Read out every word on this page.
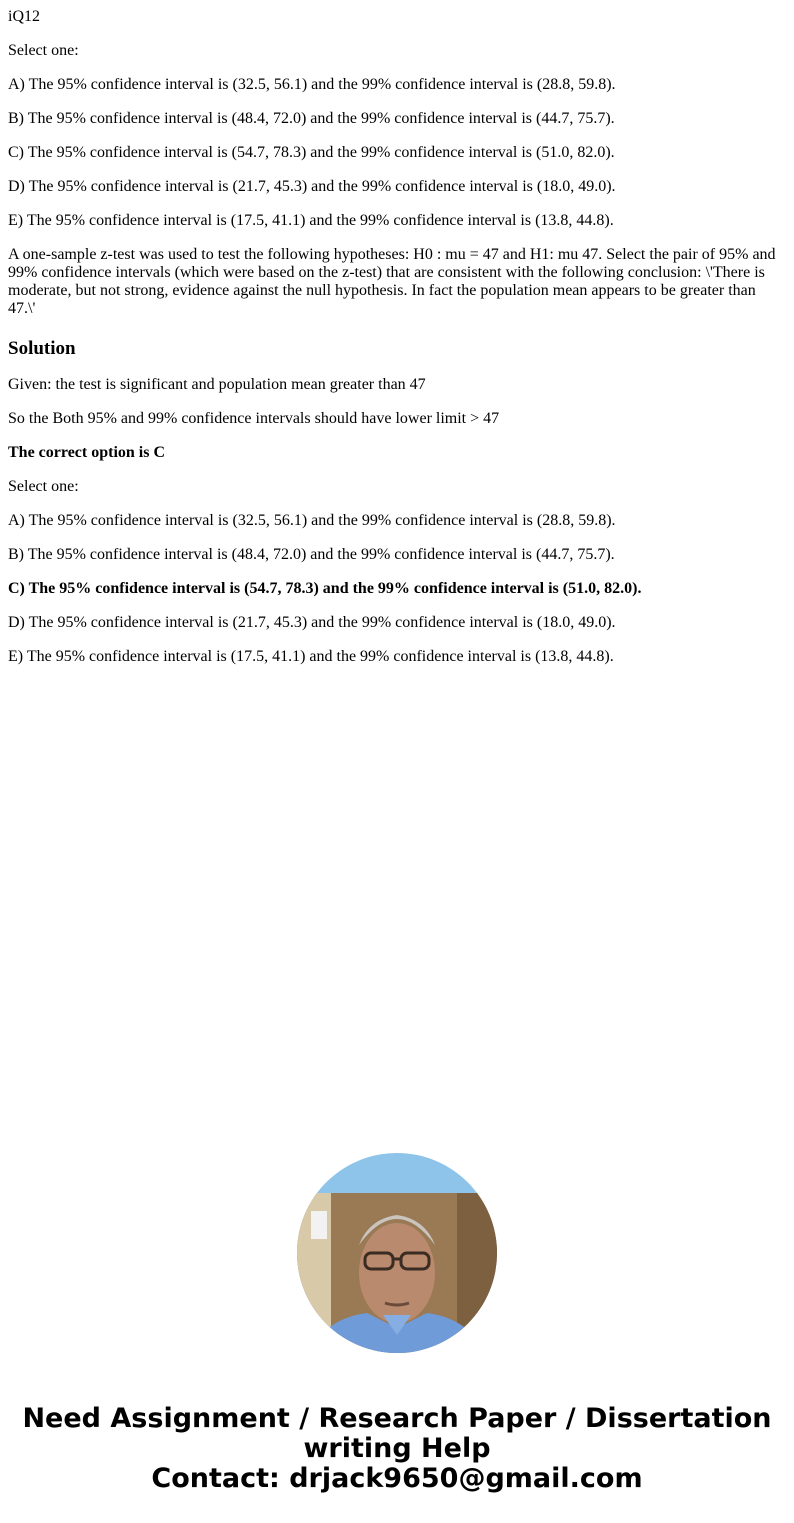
iQ12

Select one:

A) The 95% confidence interval is (32.5, 56.1) and the 99% confidence interval is (28.8, 59.8).

B) The 95% confidence interval is (48.4, 72.0) and the 99% confidence interval is (44.7, 75.7).

C) The 95% confidence interval is (54.7, 78.3) and the 99% confidence interval is (51.0, 82.0).

D) The 95% confidence interval is (21.7, 45.3) and the 99% confidence interval is (18.0, 49.0).

E) The 95% confidence interval is (17.5, 41.1) and the 99% confidence interval is (13.8, 44.8).

A one-sample z-test was used to test the following hypotheses: H0 : mu = 47 and H1: mu 47. Select the pair of 95% and 99% confidence intervals (which were based on the z-test) that are consistent with the following conclusion: \'There is moderate, but not strong, evidence against the null hypothesis. In fact the population mean appears to be greater than 47.\'

Solution

Given: the test is significant and population mean greater than 47

So the Both 95% and 99% confidence intervals should have lower limit > 47

The correct option is C

Select one:

A) The 95% confidence interval is (32.5, 56.1) and the 99% confidence interval is (28.8, 59.8).

B) The 95% confidence interval is (48.4, 72.0) and the 99% confidence interval is (44.7, 75.7).

C) The 95% confidence interval is (54.7, 78.3) and the 99% confidence interval is (51.0, 82.0).

D) The 95% confidence interval is (21.7, 45.3) and the 99% confidence interval is (18.0, 49.0).

E) The 95% confidence interval is (17.5, 41.1) and the 99% confidence interval is (13.8, 44.8).

Need Assignment / Research Paper / Dissertation
writing Help
Contact: drjack9650@gmail.com
